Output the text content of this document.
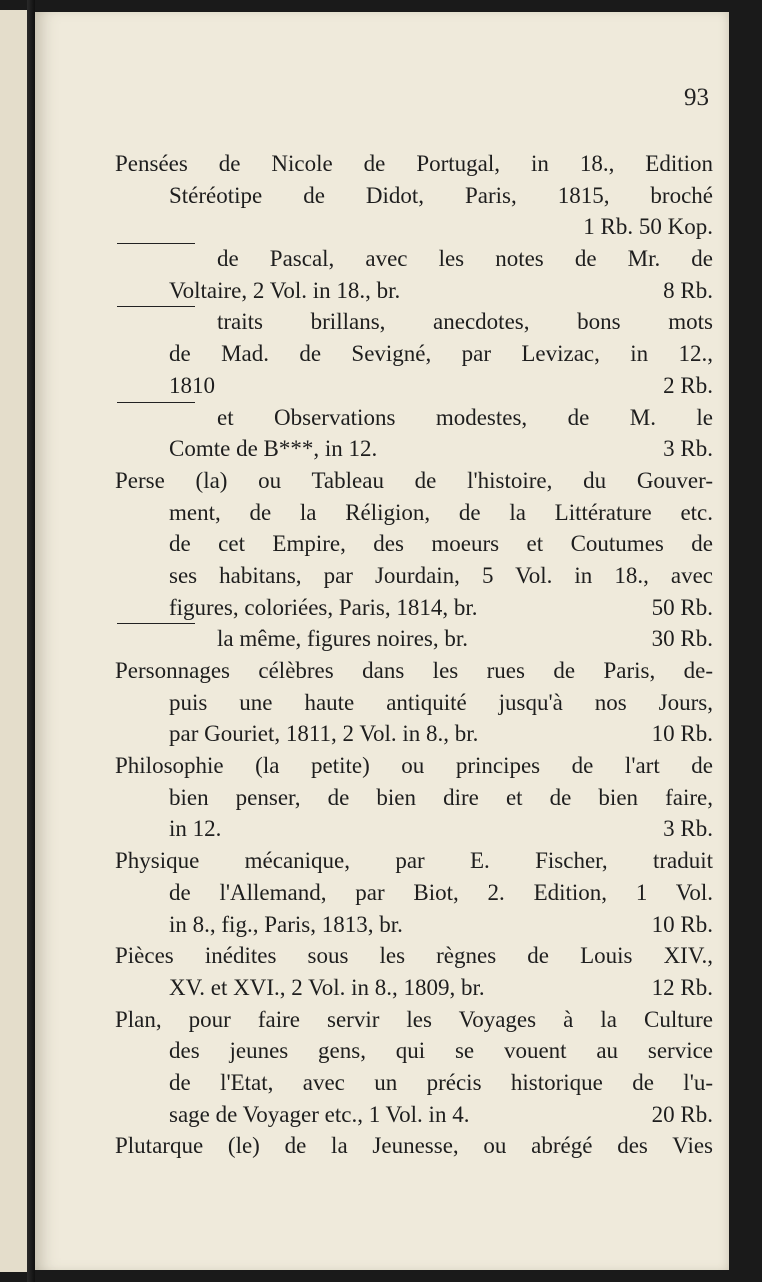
93
Pensées de Nicole de Portugal, in 18., Edition
Stéréotipe de Didot, Paris, 1815, broché
1 Rb. 50 Kop.
de Pascal, avec les notes de Mr. de
Voltaire, 2 Vol. in 18., br.	8 Rb.
traits brillans, anecdotes, bons mots
de Mad. de Sevigné, par Levizac, in 12.,
1810	2 Rb.
et Observations modestes, de M. le
Comte de B***, in 12.	3 Rb.
Perse (la) ou Tableau de l'histoire, du Gouver-
ment, de la Réligion, de la Littérature etc.
de cet Empire, des moeurs et Coutumes de
ses habitans, par Jourdain, 5 Vol. in 18., avec
figures, coloriées, Paris, 1814, br.	50 Rb.
la même, figures noires, br.	30 Rb.
Personnages célèbres dans les rues de Paris, de-
puis une haute antiquité jusqu'à nos Jours,
par Gouriet, 1811, 2 Vol. in 8., br.	10 Rb.
Philosophie (la petite) ou principes de l'art de
bien penser, de bien dire et de bien faire,
in 12.	3 Rb.
Physique mécanique, par E. Fischer, traduit
de l'Allemand, par Biot, 2. Edition, 1 Vol.
in 8., fig., Paris, 1813, br.	10 Rb.
Pièces inédites sous les règnes de Louis XIV.,
XV. et XVI., 2 Vol. in 8., 1809, br.	12 Rb.
Plan, pour faire servir les Voyages à la Culture
des jeunes gens, qui se vouent au service
de l'Etat, avec un précis historique de l'u-
sage de Voyager etc., 1 Vol. in 4.	20 Rb.
Plutarque (le) de la Jeunesse, ou abrégé des Vies
